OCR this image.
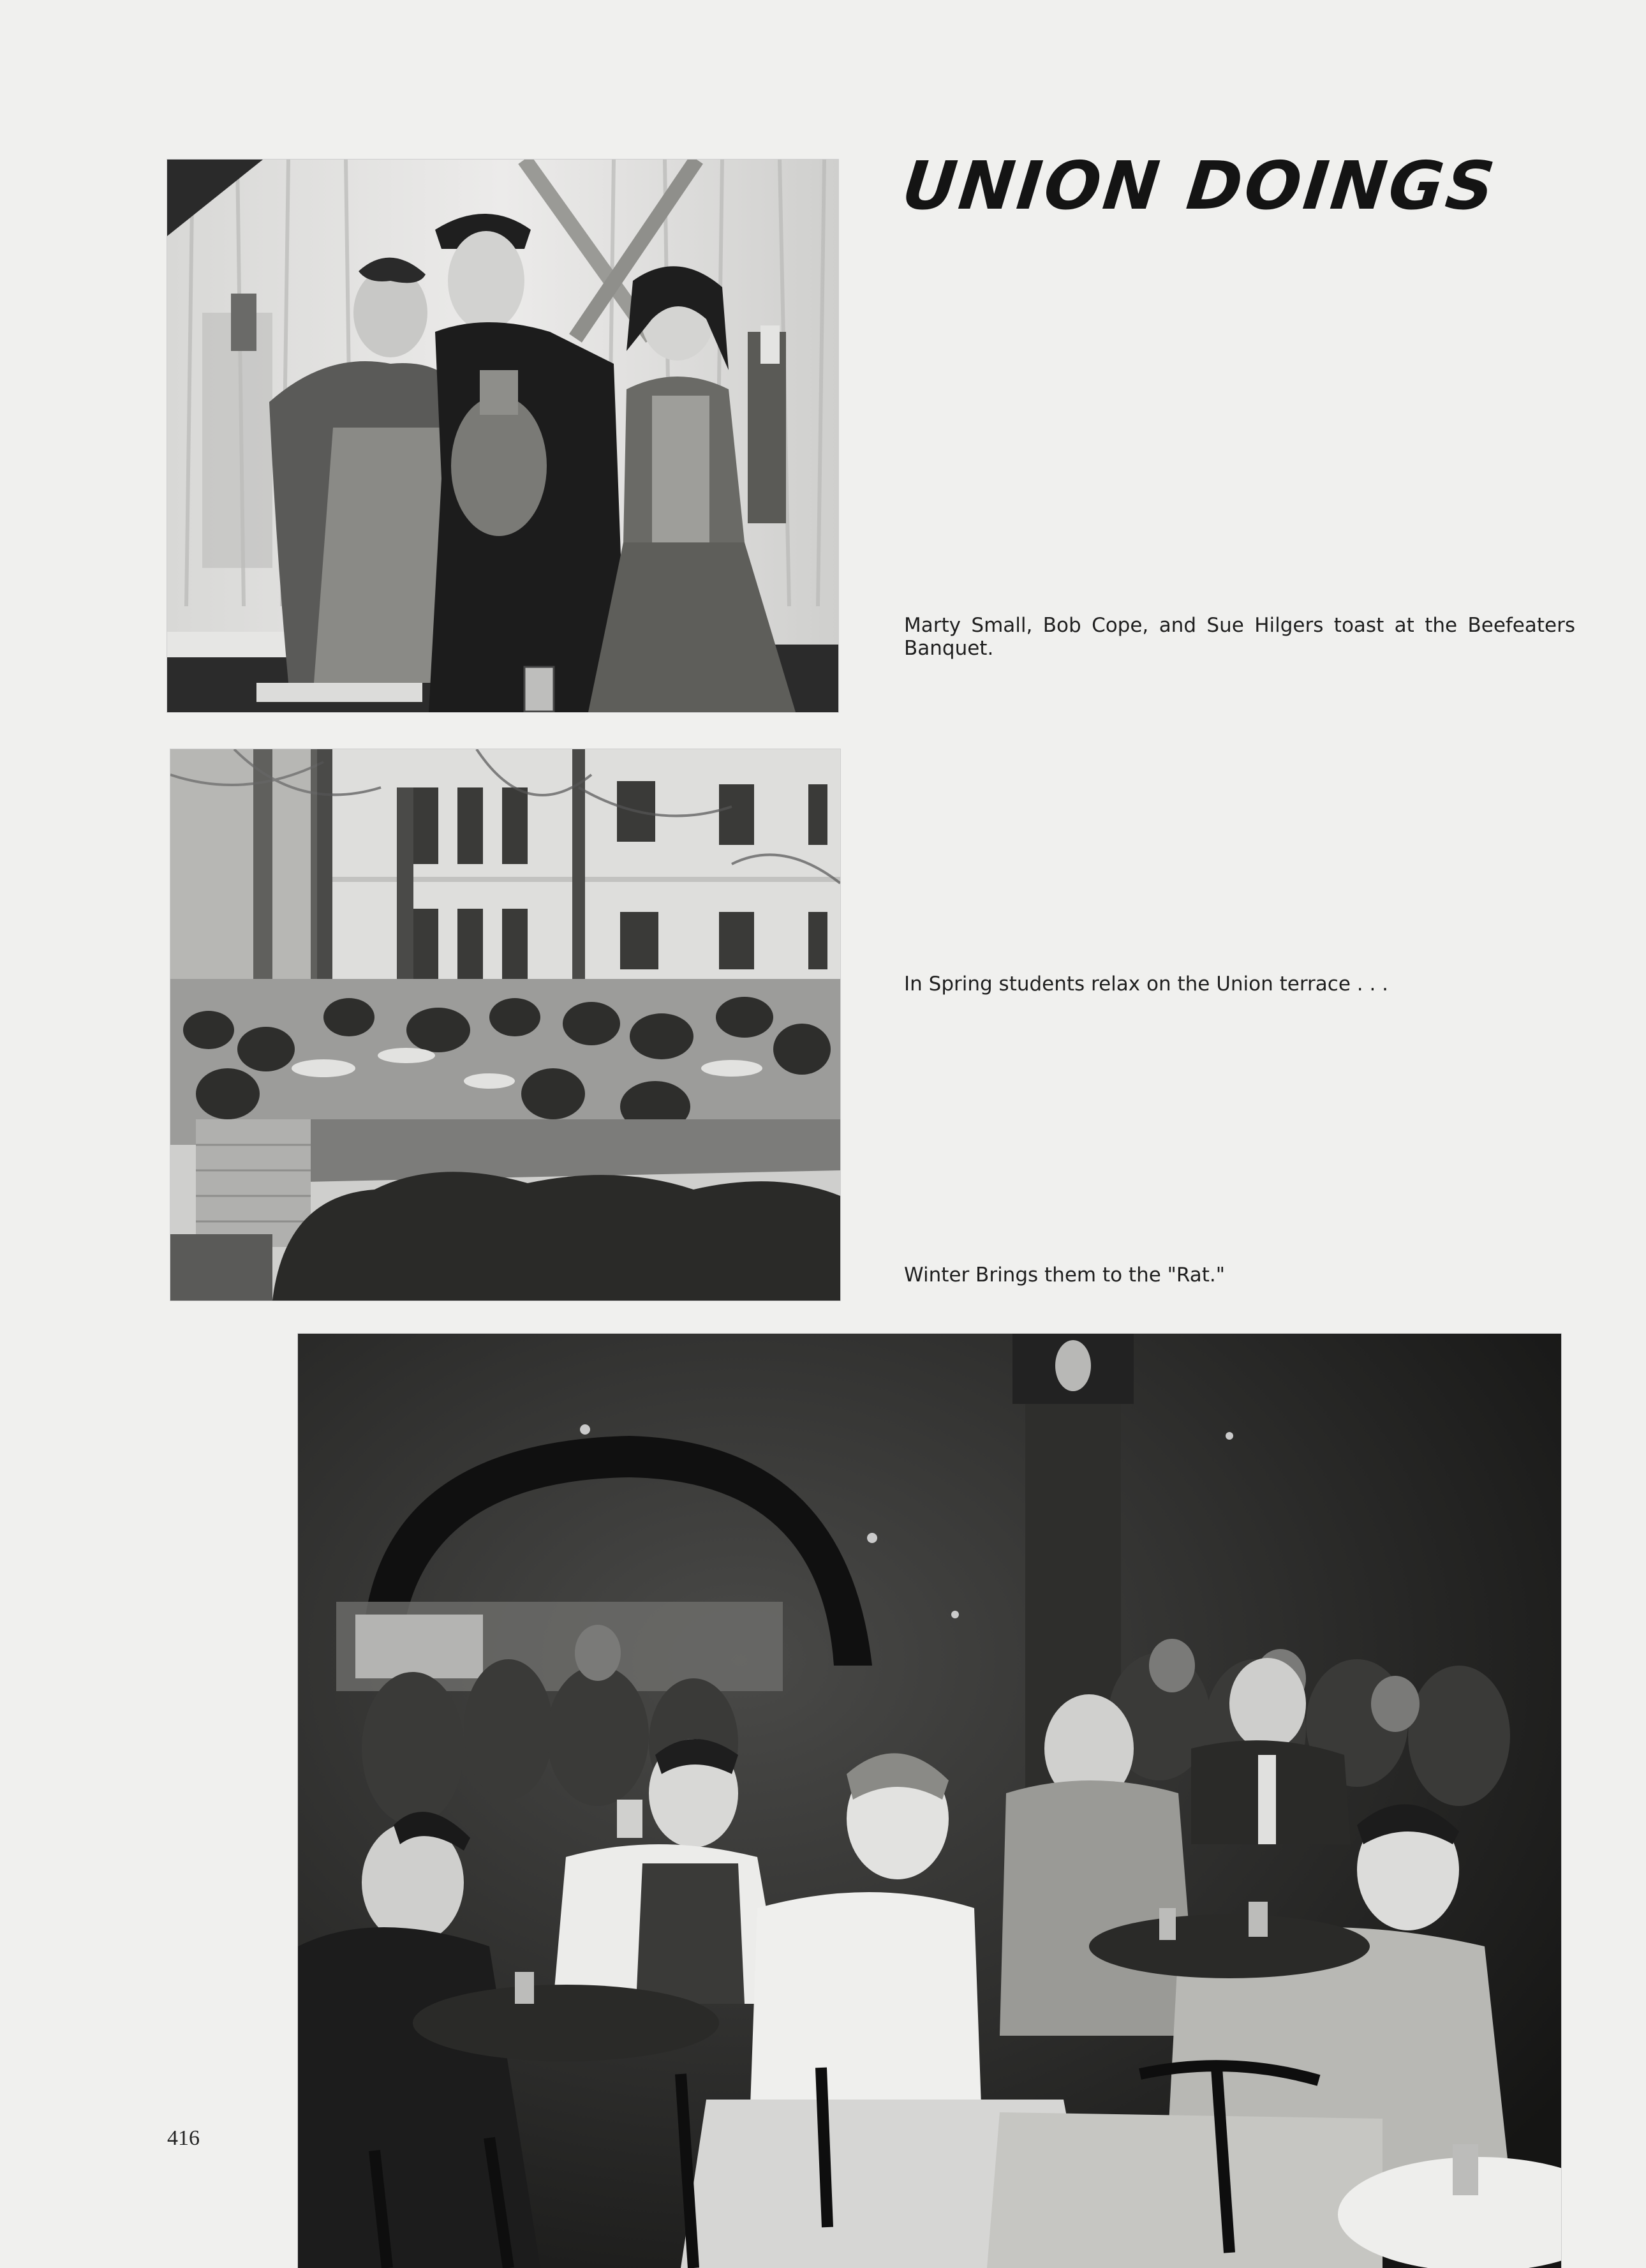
UNION DOINGS
Marty Small, Bob Cope, and Sue Hilgers toast at the Beefeaters Banquet.
In Spring students relax on the Union terrace . . .
Winter Brings them to the "Rat."
416
